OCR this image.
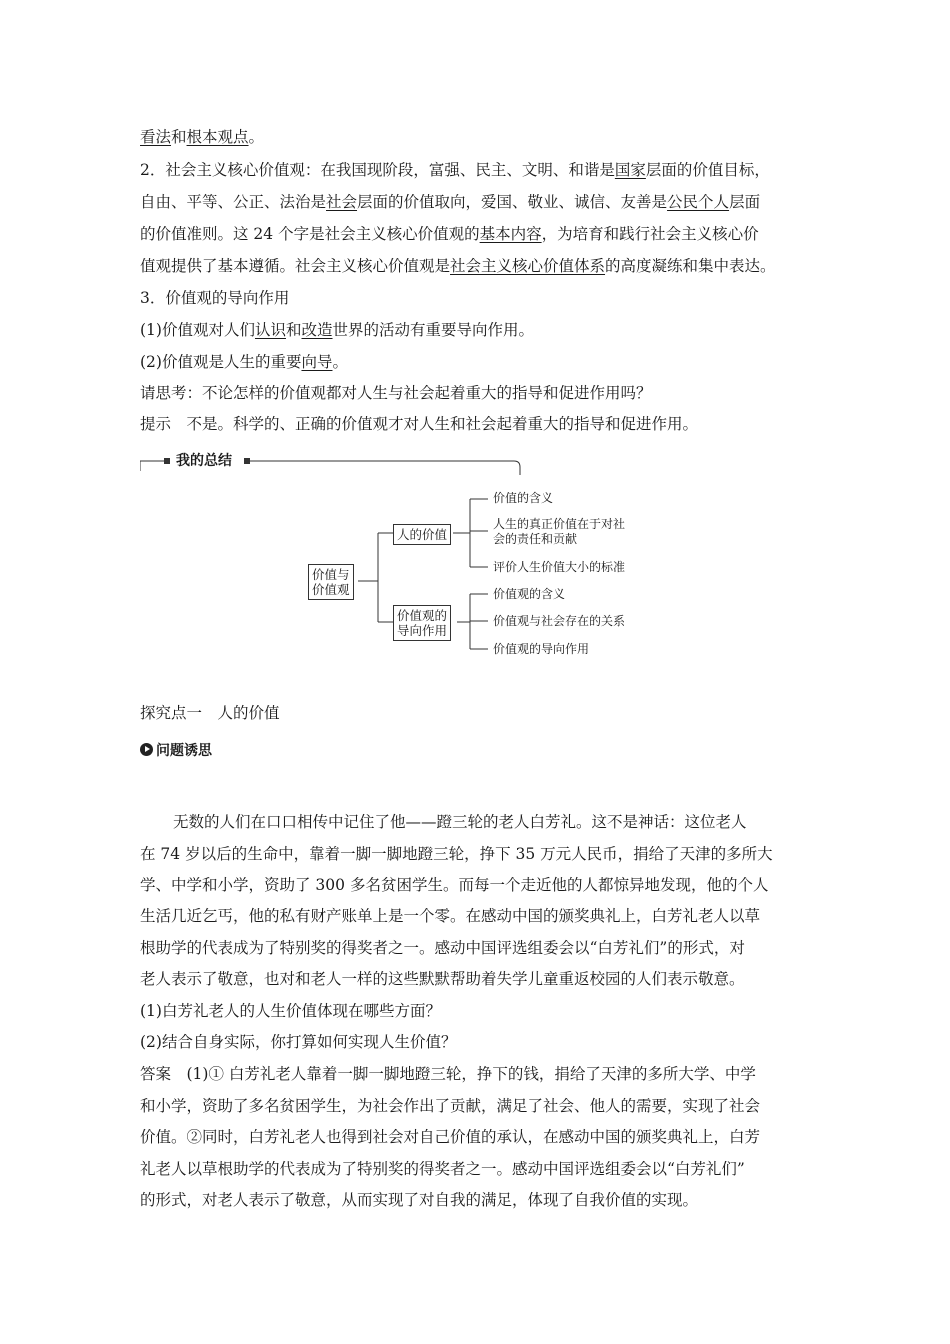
看法和根本观点。
2．社会主义核心价值观：在我国现阶段，富强、民主、文明、和谐是国家层面的价值目标，
自由、平等、公正、法治是社会层面的价值取向，爱国、敬业、诚信、友善是公民个人层面
的价值准则。这 24 个字是社会主义核心价值观的基本内容，为培育和践行社会主义核心价
值观提供了基本遵循。社会主义核心价值观是社会主义核心价值体系的高度凝练和集中表达。
3．价值观的导向作用
(1)价值观对人们认识和改造世界的活动有重要导向作用。
(2)价值观是人生的重要向导。
请思考：不论怎样的价值观都对人生与社会起着重大的指导和促进作用吗？
提示　不是。科学的、正确的价值观才对人生和社会起着重大的指导和促进作用。
我的总结
价值与
价值观
人的价值
价值观的
导向作用
价值的含义
人生的真正价值在于对社
会的责任和贡献
评价人生价值大小的标准
价值观的含义
价值观与社会存在的关系
价值观的导向作用
探究点一　人的价值
问题诱思
无数的人们在口口相传中记住了他——蹬三轮的老人白芳礼。这不是神话：这位老人
在 74 岁以后的生命中，靠着一脚一脚地蹬三轮，挣下 35 万元人民币，捐给了天津的多所大
学、中学和小学，资助了 300 多名贫困学生。而每一个走近他的人都惊异地发现，他的个人
生活几近乞丐，他的私有财产账单上是一个零。在感动中国的颁奖典礼上，白芳礼老人以草
根助学的代表成为了特别奖的得奖者之一。感动中国评选组委会以“白芳礼们”的形式，对
老人表示了敬意，也对和老人一样的这些默默帮助着失学儿童重返校园的人们表示敬意。
(1)白芳礼老人的人生价值体现在哪些方面？
(2)结合自身实际，你打算如何实现人生价值？
答案　(1)① 白芳礼老人靠着一脚一脚地蹬三轮，挣下的钱，捐给了天津的多所大学、中学
和小学，资助了多名贫困学生，为社会作出了贡献，满足了社会、他人的需要，实现了社会
价值。②同时，白芳礼老人也得到社会对自己价值的承认，在感动中国的颁奖典礼上，白芳
礼老人以草根助学的代表成为了特别奖的得奖者之一。感动中国评选组委会以“白芳礼们”
的形式，对老人表示了敬意，从而实现了对自我的满足，体现了自我价值的实现。
